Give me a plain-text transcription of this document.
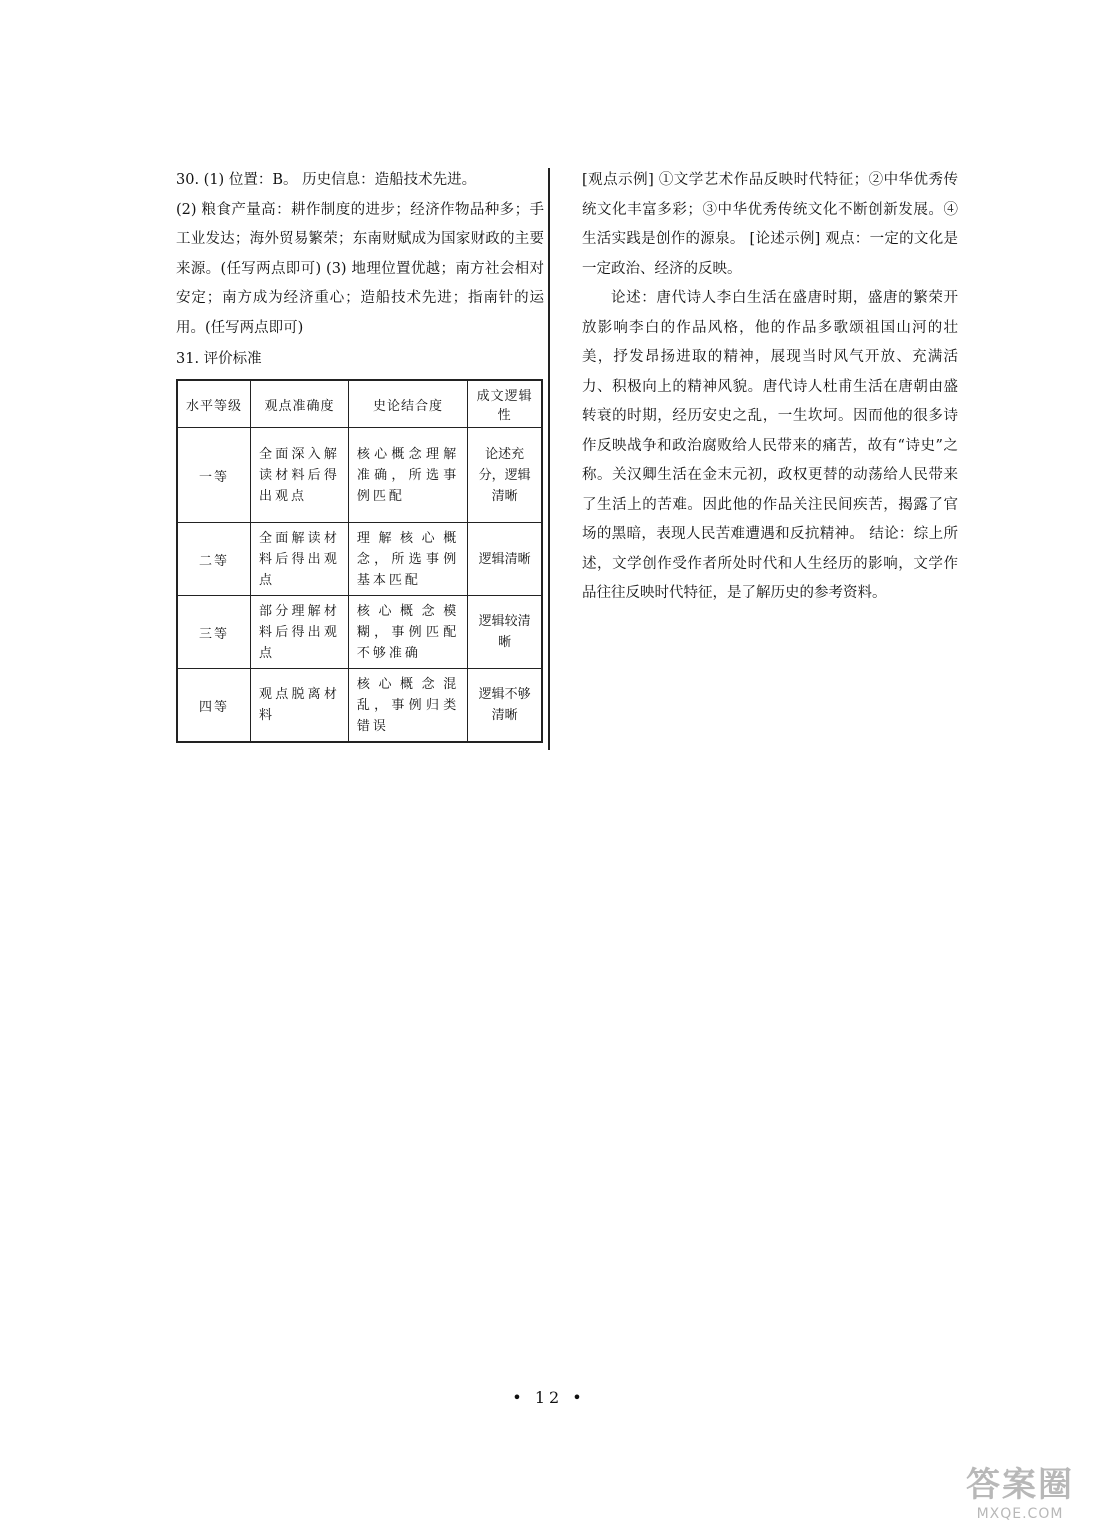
30. (1) 位置：B。 历史信息：造船技术先进。

(2) 粮食产量高：耕作制度的进步；经济作物品种多；手工业发达；海外贸易繁荣；东南财赋成为国家财政的主要来源。(任写两点即可) (3) 地理位置优越；南方社会相对安定；南方成为经济重心；造船技术先进；指南针的运用。(任写两点即可)

31. 评价标准

水平等级	观点准确度	史论结合度	成文逻辑性
一等	全面深入解读材料后得出观点	核心概念理解准确，所选事例匹配	论述充分，逻辑清晰
二等	全面解读材料后得出观点	理解核心概念，所选事例基本匹配	逻辑清晰
三等	部分理解材料后得出观点	核心概念模糊，事例匹配不够准确	逻辑较清晰
四等	观点脱离材料	核心概念混乱，事例归类错误	逻辑不够清晰

[观点示例] ①文学艺术作品反映时代特征；②中华优秀传统文化丰富多彩；③中华优秀传统文化不断创新发展。④生活实践是创作的源泉。 [论述示例] 观点：一定的文化是一定政治、经济的反映。

论述：唐代诗人李白生活在盛唐时期，盛唐的繁荣开放影响李白的作品风格，他的作品多歌颂祖国山河的壮美，抒发昂扬进取的精神，展现当时风气开放、充满活力、积极向上的精神风貌。唐代诗人杜甫生活在唐朝由盛转衰的时期，经历安史之乱，一生坎坷。因而他的很多诗作反映战争和政治腐败给人民带来的痛苦，故有“诗史”之称。关汉卿生活在金末元初，政权更替的动荡给人民带来了生活上的苦难。因此他的作品关注民间疾苦，揭露了官场的黑暗，表现人民苦难遭遇和反抗精神。 结论：综上所述，文学创作受作者所处时代和人生经历的影响，文学作品往往反映时代特征，是了解历史的参考资料。

• 12 •
答案圈
MXQE.COM
